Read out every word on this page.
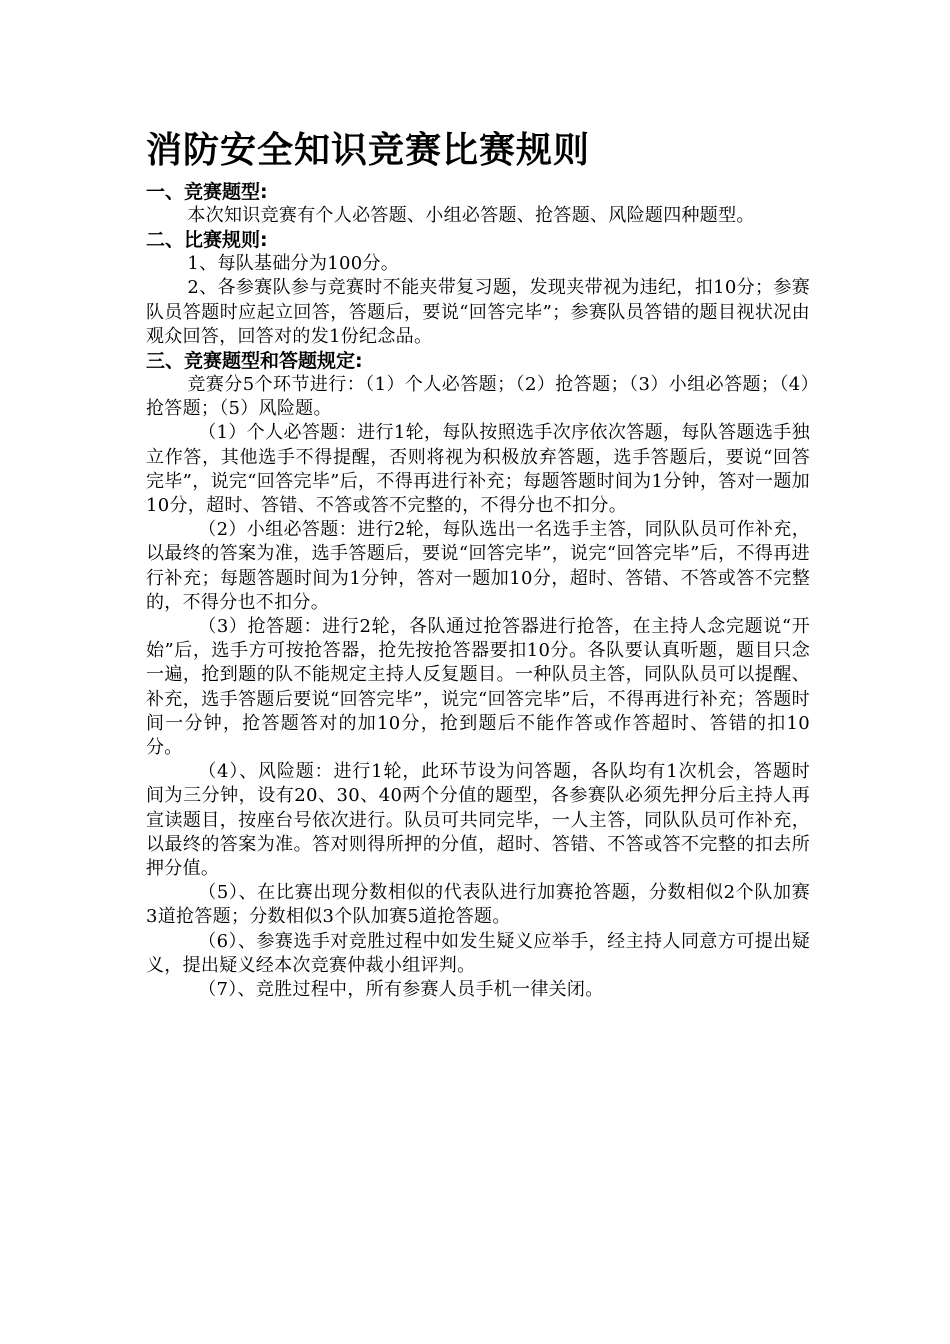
消防安全知识竞赛比赛规则
一、竞赛题型:

本次知识竞赛有个人必答题、小组必答题、抢答题、风险题四种题型。

二、比赛规则:

1、每队基础分为100分。

2、各参赛队参与竞赛时不能夹带复习题，发现夹带视为违纪，扣10分；参赛队员答题时应起立回答，答题后，要说“回答完毕”；参赛队员答错的题目视状况由观众回答，回答对的发1份纪念品。

三、竞赛题型和答题规定:

竞赛分5个环节进行：（1）个人必答题；（2）抢答题；（3）小组必答题；（4）抢答题；（5）风险题。

（1）个人必答题：进行1轮，每队按照选手次序依次答题，每队答题选手独立作答，其他选手不得提醒，否则将视为积极放弃答题，选手答题后，要说“回答完毕”，说完“回答完毕”后，不得再进行补充；每题答题时间为1分钟，答对一题加10分，超时、答错、不答或答不完整的，不得分也不扣分。

（2）小组必答题：进行2轮，每队选出一名选手主答，同队队员可作补充，以最终的答案为准，选手答题后，要说“回答完毕”，说完“回答完毕”后，不得再进行补充；每题答题时间为1分钟，答对一题加10分，超时、答错、不答或答不完整的，不得分也不扣分。

（3）抢答题：进行2轮，各队通过抢答器进行抢答，在主持人念完题说“开始”后，选手方可按抢答器，抢先按抢答器要扣10分。各队要认真听题，题目只念一遍，抢到题的队不能规定主持人反复题目。一种队员主答，同队队员可以提醒、补充，选手答题后要说“回答完毕”，说完“回答完毕”后，不得再进行补充；答题时间一分钟，抢答题答对的加10分，抢到题后不能作答或作答超时、答错的扣10分。

（4）、风险题：进行1轮，此环节设为问答题，各队均有1次机会，答题时间为三分钟，设有20、30、40两个分值的题型，各参赛队必须先押分后主持人再宣读题目，按座台号依次进行。队员可共同完毕，一人主答，同队队员可作补充，以最终的答案为准。答对则得所押的分值，超时、答错、不答或答不完整的扣去所押分值。

（5）、在比赛出现分数相似的代表队进行加赛抢答题，分数相似2个队加赛3道抢答题；分数相似3个队加赛5道抢答题。

（6）、参赛选手对竞胜过程中如发生疑义应举手，经主持人同意方可提出疑义，提出疑义经本次竞赛仲裁小组评判。

（7）、竞胜过程中，所有参赛人员手机一律关闭。
